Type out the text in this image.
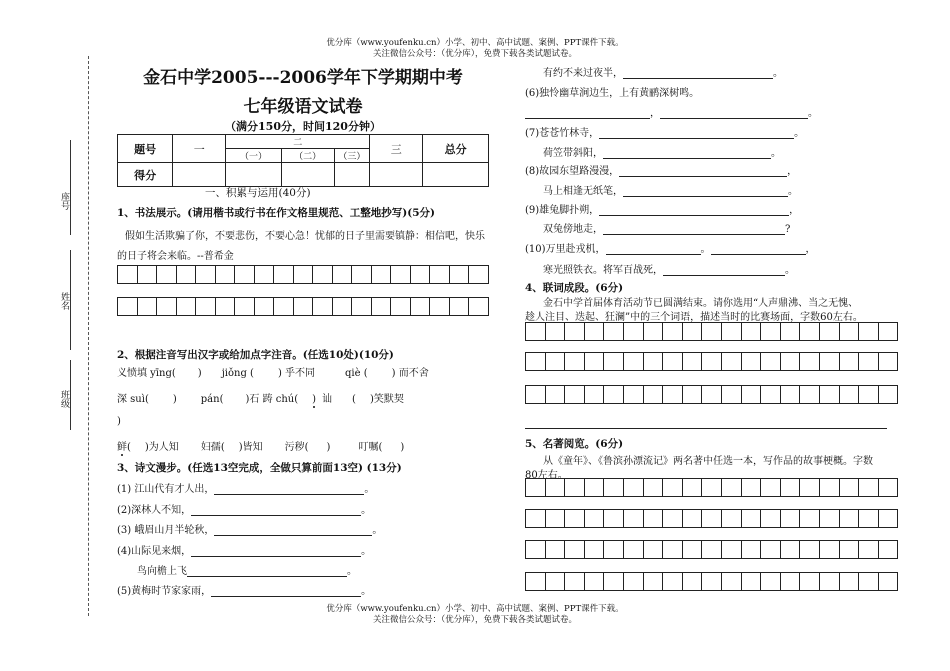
优分库（www.youfenku.cn）小学、初中、高中试题、案例、PPT课件下载。
关注微信公众号：（优分库），免费下载各类试题试卷。
座号
姓名
班级
金石中学2005---2006学年下学期期中考
七年级语文试卷
（满分150分，时间120分钟）
题号	一	二			三	总分
		（一）	（二）	（三）		
得分						
一、积累与运用(40分)
1、书法展示。(请用楷书或行书在作文格里规范、工整地抄写)(5分)
假如生活欺骗了你，不要悲伤，不要心急！忧郁的日子里需要镇静：相信吧，快乐
的日子将会来临。--普希金
2、根据注音写出汉字或给加点字注音。(任选10处)(10分)
义愤填 yīng( ) jiǒng ( ) 乎不同	qiè ( ) 而不舍
深 suì( ) pán( )石 踌 chú( ) 讪 ( )笑默契
)
鲜( )为人知 妇孺( )皆知 污秽( )	叮嘱( )
3、诗文漫步。(任选13空完成，全做只算前面13空) (13分)
(1) 江山代有才人出，	。
(2)深林人不知，	。
(3) 峨眉山月半轮秋，	。
(4)山际见来烟，	。
鸟向檐上飞	。
(5)黄梅时节家家雨，	。
有约不来过夜半，	。
(6)独怜幽草涧边生，上有黄鹂深树鸣。
，	。
(7)苍苍竹林寺，	。
荷笠带斜阳，	。
(8)故园东望路漫漫，	，
马上相逢无纸笔，	。
(9)雄兔脚扑朔，	，
双兔傍地走，	?
(10)万里赴戎机，	。	，
寒光照铁衣。将军百战死，	。
4、联词成段。(6分)
金石中学首届体育活动节已圆满结束。请你选用“人声鼎沸、当之无愧、
趁人注目、迭起、狂澜”中的三个词语，描述当时的比赛场面，字数60左右。
5、名著阅览。(6分)
从《童年》、《鲁滨孙漂流记》两名著中任选一本，写作品的故事梗概。字数
80左右。
优分库（www.youfenku.cn）小学、初中、高中试题、案例、PPT课件下载。
关注微信公众号：（优分库），免费下载各类试题试卷。
